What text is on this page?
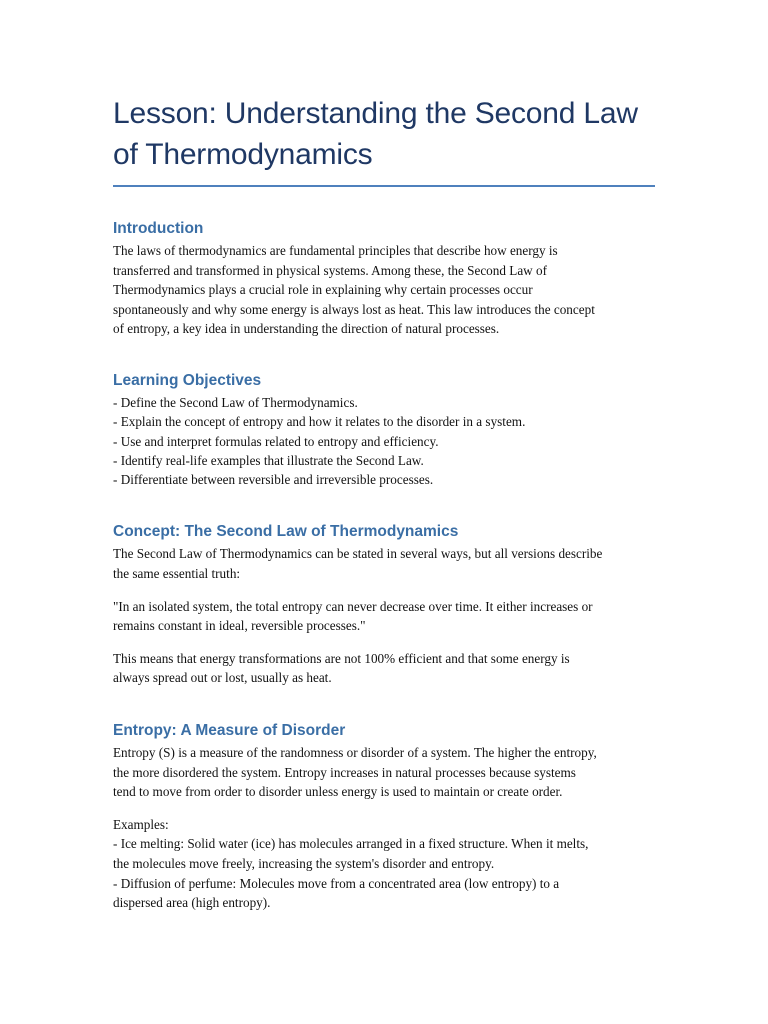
Lesson: Understanding the Second Law
of Thermodynamics
Introduction

The laws of thermodynamics are fundamental principles that describe how energy is
transferred and transformed in physical systems. Among these, the Second Law of
Thermodynamics plays a crucial role in explaining why certain processes occur
spontaneously and why some energy is always lost as heat. This law introduces the concept
of entropy, a key idea in understanding the direction of natural processes.

Learning Objectives
- Define the Second Law of Thermodynamics.
- Explain the concept of entropy and how it relates to the disorder in a system.
- Use and interpret formulas related to entropy and efficiency.
- Identify real-life examples that illustrate the Second Law.
- Differentiate between reversible and irreversible processes.
Concept: The Second Law of Thermodynamics

The Second Law of Thermodynamics can be stated in several ways, but all versions describe
the same essential truth:

"In an isolated system, the total entropy can never decrease over time. It either increases or
remains constant in ideal, reversible processes."

This means that energy transformations are not 100% efficient and that some energy is
always spread out or lost, usually as heat.

Entropy: A Measure of Disorder

Entropy (S) is a measure of the randomness or disorder of a system. The higher the entropy,
the more disordered the system. Entropy increases in natural processes because systems
tend to move from order to disorder unless energy is used to maintain or create order.

Examples:

- Ice melting: Solid water (ice) has molecules arranged in a fixed structure. When it melts,
the molecules move freely, increasing the system's disorder and entropy.

- Diffusion of perfume: Molecules move from a concentrated area (low entropy) to a
dispersed area (high entropy).
